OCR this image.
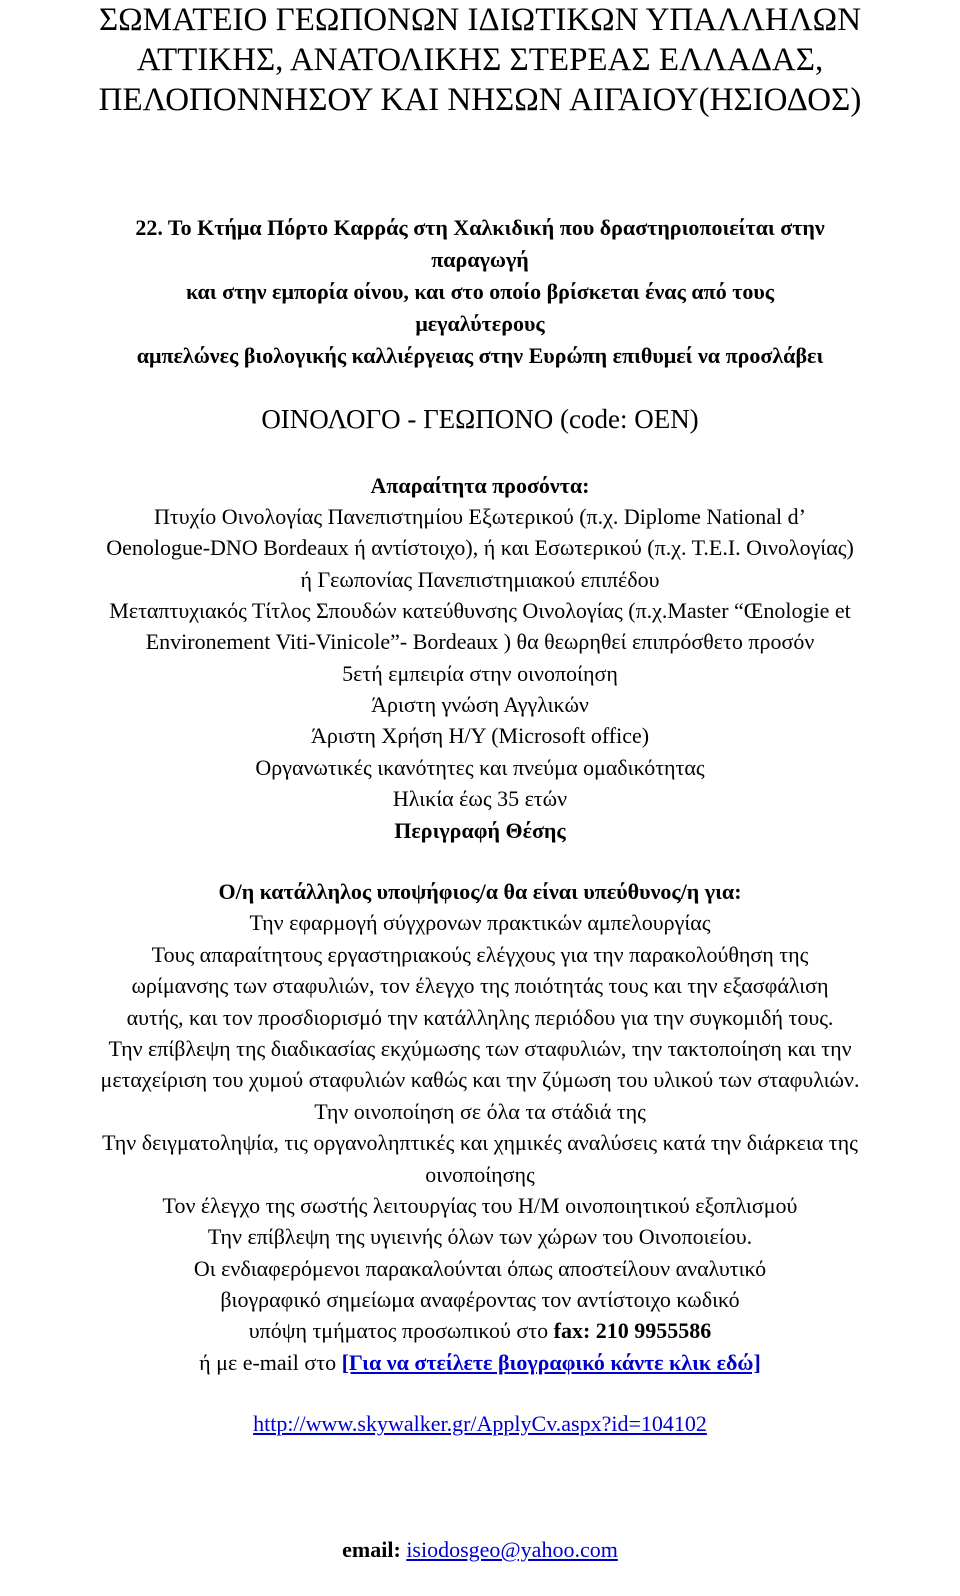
ΣΩΜΑΤΕΙΟ ΓΕΩΠΟΝΩΝ ΙΔΙΩΤΙΚΩΝ ΥΠΑΛΛΗΛΩΝ
ΑΤΤΙΚΗΣ, ΑΝΑΤΟΛΙΚΗΣ ΣΤΕΡΕΑΣ ΕΛΛΑΔΑΣ,
ΠΕΛΟΠΟΝΝΗΣΟΥ ΚΑΙ ΝΗΣΩΝ ΑΙΓΑΙΟΥ(ΗΣΙΟΔΟΣ)
22. Το Κτήμα Πόρτο Καρράς στη Χαλκιδική που δραστηριοποιείται στην
παραγωγή
και στην εμπορία οίνου, και στο οποίο βρίσκεται ένας από τους
μεγαλύτερους
αμπελώνες βιολογικής καλλιέργειας στην Ευρώπη επιθυμεί να προσλάβει
ΟΙΝΟΛΟΓΟ - ΓΕΩΠΟΝΟ (code: OEN)
Απαραίτητα προσόντα:
Πτυχίο Οινολογίας Πανεπιστημίου Εξωτερικού (π.χ. Diplome National d’
Oenologue-DNO Bordeaux ή αντίστοιχο), ή και Εσωτερικού (π.χ. Τ.Ε.Ι. Οινολογίας)
ή Γεωπονίας Πανεπιστημιακού επιπέδου
Μεταπτυχιακός Τίτλος Σπουδών κατεύθυνσης Οινολογίας (π.χ.Master “Œnologie et
Environement Viti-Vinicole”- Bordeaux ) θα θεωρηθεί επιπρόσθετο προσόν
5ετή εμπειρία στην οινοποίηση
Άριστη γνώση Αγγλικών
Άριστη Χρήση Η/Υ (Microsoft office)
Οργανωτικές ικανότητες και πνεύμα ομαδικότητας
Ηλικία έως 35 ετών
Περιγραφή Θέσης
Ο/η κατάλληλος υποψήφιος/α θα είναι υπεύθυνος/η για:
Την εφαρμογή σύγχρονων πρακτικών αμπελουργίας
Τους απαραίτητους εργαστηριακούς ελέγχους για την παρακολούθηση της
ωρίμανσης των σταφυλιών, τον έλεγχο της ποιότητάς τους και την εξασφάλιση
αυτής, και τον προσδιορισμό την κατάλληλης περιόδου για την συγκομιδή τους.
Την επίβλεψη της διαδικασίας εκχύμωσης των σταφυλιών, την τακτοποίηση και την
μεταχείριση του χυμού σταφυλιών καθώς και την ζύμωση του υλικού των σταφυλιών.
Την οινοποίηση σε όλα τα στάδιά της
Την δειγματοληψία, τις οργανοληπτικές και χημικές αναλύσεις κατά την διάρκεια της
οινοποίησης
Τον έλεγχο της σωστής λειτουργίας του Η/Μ οινοποιητικού εξοπλισμού
Την επίβλεψη της υγιεινής όλων των χώρων του Οινοποιείου.
Οι ενδιαφερόμενοι παρακαλούνται όπως αποστείλουν αναλυτικό
βιογραφικό σημείωμα αναφέροντας τον αντίστοιχο κωδικό
υπόψη τμήματος προσωπικού στο fax: 210 9955586
ή με e-mail στο [Για να στείλετε βιογραφικό κάντε κλικ εδώ]
http://www.skywalker.gr/ApplyCv.aspx?id=104102
email: isiodosgeo@yahoo.com
